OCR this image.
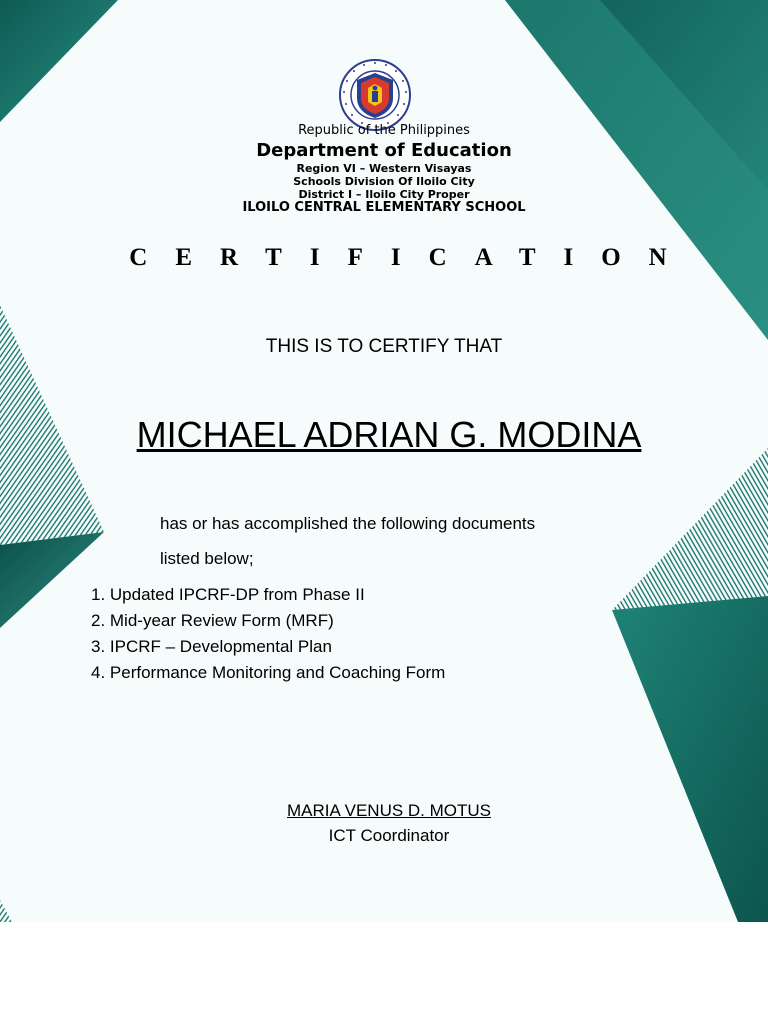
Republic of the Philippines
Department of Education
Region VI – Western Visayas
Schools Division Of Iloilo City
District I – Iloilo City Proper
ILOILO CENTRAL ELEMENTARY SCHOOL
CERTIFICATION
THIS IS TO CERTIFY THAT
MICHAEL ADRIAN G. MODINA
has or has accomplished the following documents
listed below;
1. Updated IPCRF-DP from Phase II
2. Mid-year Review Form (MRF)
3. IPCRF – Developmental Plan
4. Performance Monitoring and Coaching Form
MARIA VENUS D. MOTUS
ICT Coordinator
